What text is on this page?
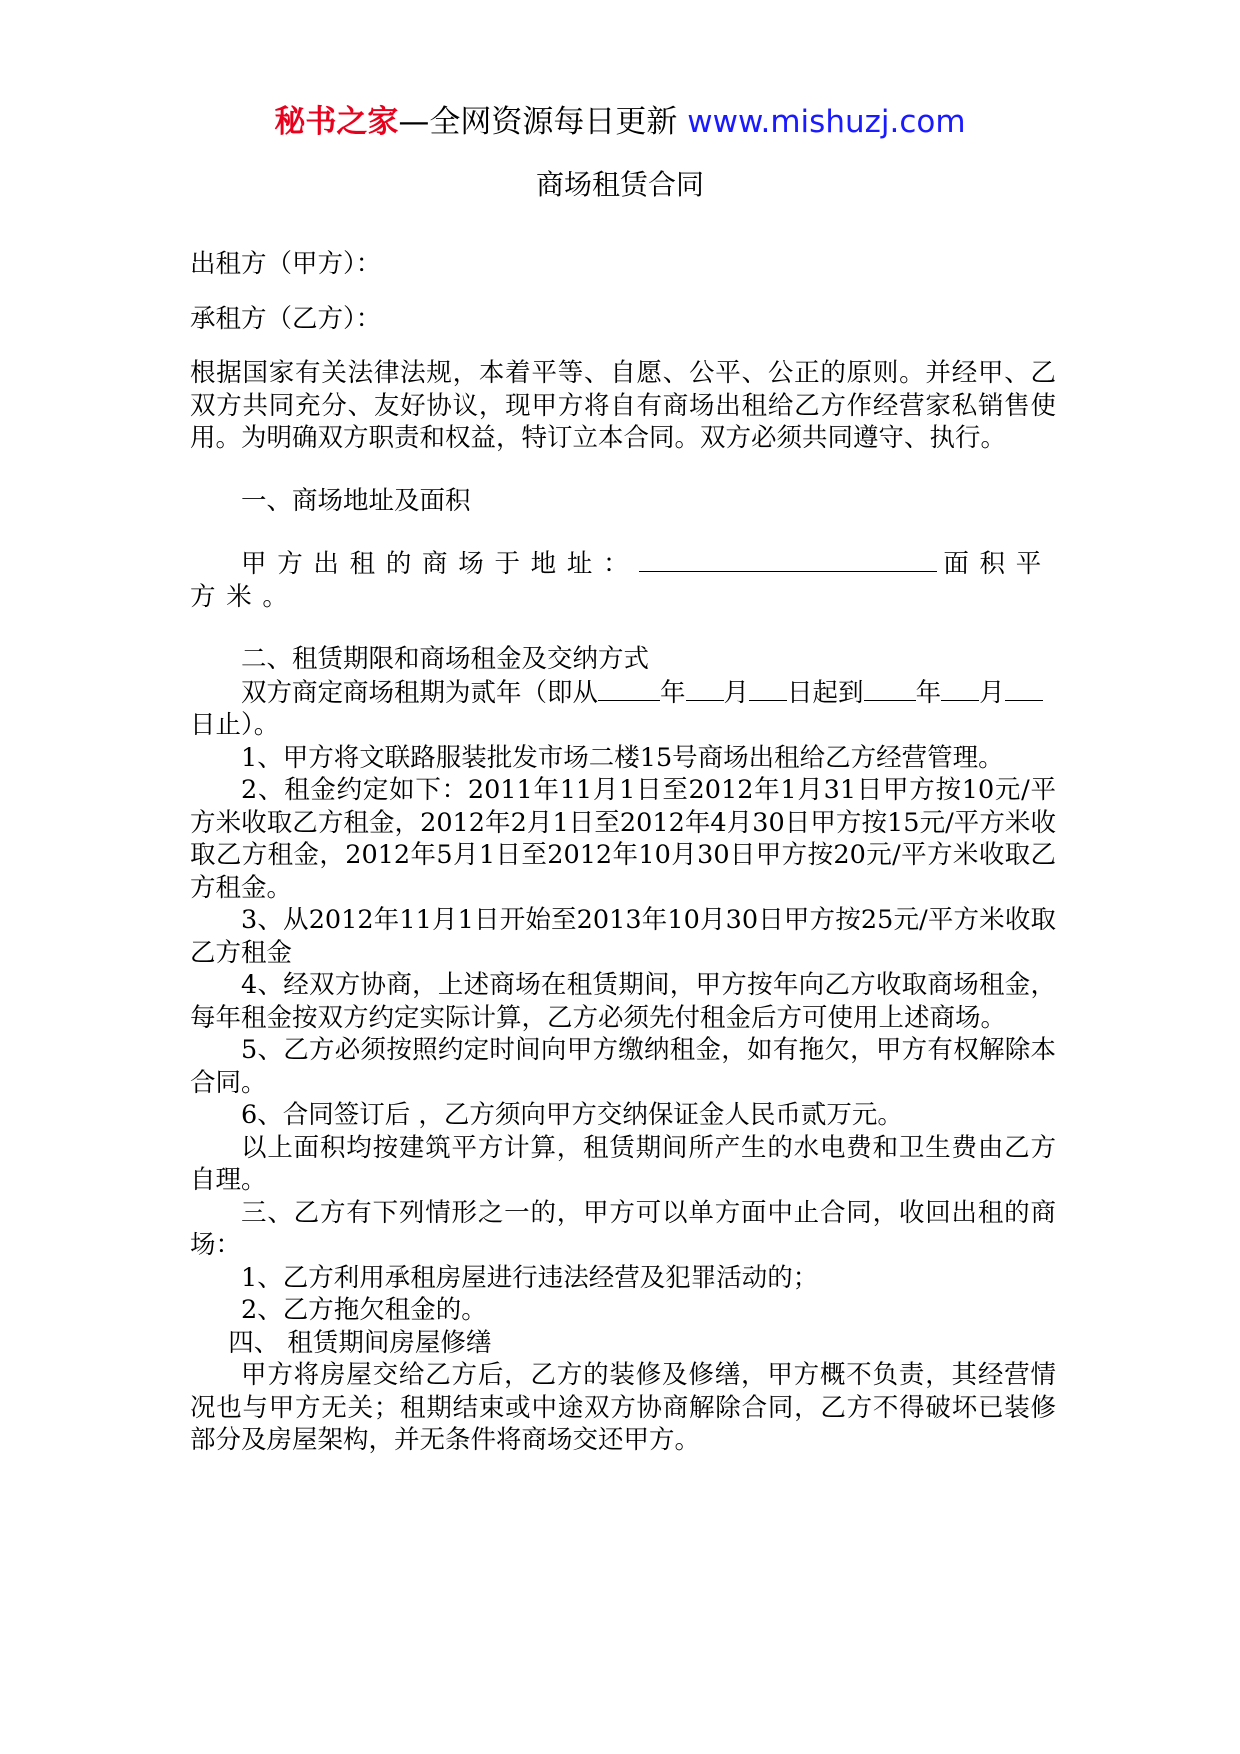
秘书之家—全网资源每日更新 www.mishuzj.com
商场租赁合同

出租方（甲方）：

承租方（乙方）：

根据国家有关法律法规，本着平等、自愿、公平、公正的原则。并经甲、乙双方共同充分、友好协议，现甲方将自有商场出租给乙方作经营家私销售使用。为明确双方职责和权益，特订立本合同。双方必须共同遵守、执行。

一、商场地址及面积

甲方出租的商场于地址：	面积平方米。

二、租赁期限和商场租金及交纳方式

双方商定商场租期为贰年（即从 年 月 日起到 年 月日止）。

1、甲方将文联路服装批发市场二楼15号商场出租给乙方经营管理。

2、租金约定如下：2011年11月1日至2012年1月31日甲方按10元/平方米收取乙方租金，2012年2月1日至2012年4月30日甲方按15元/平方米收取乙方租金，2012年5月1日至2012年10月30日甲方按20元/平方米收取乙方租金。

3、从2012年11月1日开始至2013年10月30日甲方按25元/平方米收取乙方租金

4、经双方协商，上述商场在租赁期间，甲方按年向乙方收取商场租金，每年租金按双方约定实际计算，乙方必须先付租金后方可使用上述商场。

5、乙方必须按照约定时间向甲方缴纳租金，如有拖欠，甲方有权解除本合同。

6、合同签订后 ，乙方须向甲方交纳保证金人民币贰万元。

以上面积均按建筑平方计算，租赁期间所产生的水电费和卫生费由乙方自理。

三、乙方有下列情形之一的，甲方可以单方面中止合同，收回出租的商场：

1、乙方利用承租房屋进行违法经营及犯罪活动的；

2、乙方拖欠租金的。

四、 租赁期间房屋修缮

甲方将房屋交给乙方后，乙方的装修及修缮，甲方概不负责，其经营情况也与甲方无关；租期结束或中途双方协商解除合同，乙方不得破坏已装修部分及房屋架构，并无条件将商场交还甲方。
